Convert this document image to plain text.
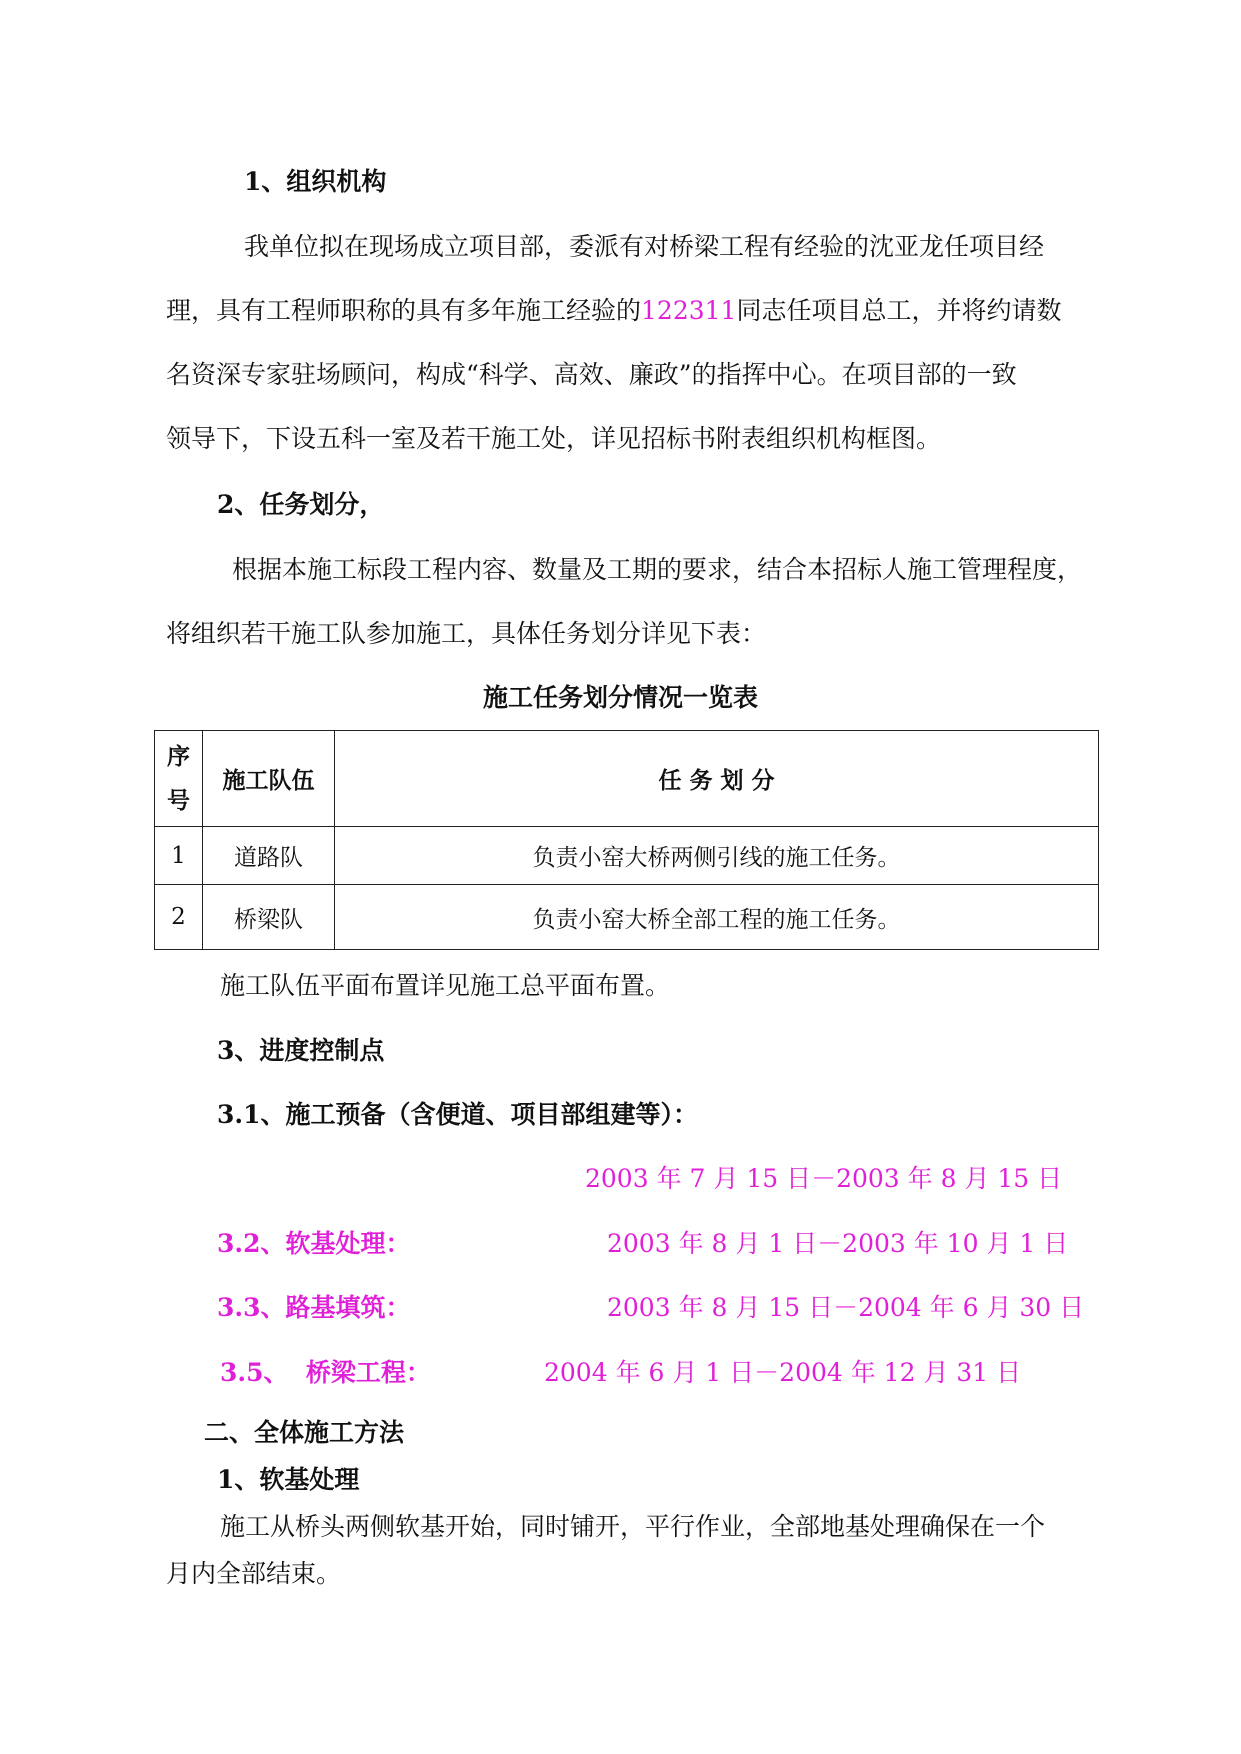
1、组织机构
我单位拟在现场成立项目部，委派有对桥梁工程有经验的沈亚龙任项目经
理，具有工程师职称的具有多年施工经验的122311同志任项目总工，并将约请数
名资深专家驻场顾问，构成“科学、高效、廉政”的指挥中心。在项目部的一致
领导下，下设五科一室及若干施工处，详见招标书附表组织机构框图。
2、任务划分，
根据本施工标段工程内容、数量及工期的要求，结合本招标人施工管理程度，
将组织若干施工队参加施工，具体任务划分详见下表：
施工任务划分情况一览表
序
号	施工队伍	任 务 划 分
1	道路队	负责小窑大桥两侧引线的施工任务。
2	桥梁队	负责小窑大桥全部工程的施工任务。
施工队伍平面布置详见施工总平面布置。
3、进度控制点
3.1、施工预备（含便道、项目部组建等）：
2003 年 7 月 15 日－2003 年 8 月 15 日
3.2、软基处理：	2003 年 8 月 1 日－2003 年 10 月 1 日
3.3、路基填筑：	2003 年 8 月 15 日－2004 年 6 月 30 日
3.5、  桥梁工程：	2004 年 6 月 1 日－2004 年 12 月 31 日
二、全体施工方法
1、软基处理
施工从桥头两侧软基开始，同时铺开，平行作业，全部地基处理确保在一个
月内全部结束。
